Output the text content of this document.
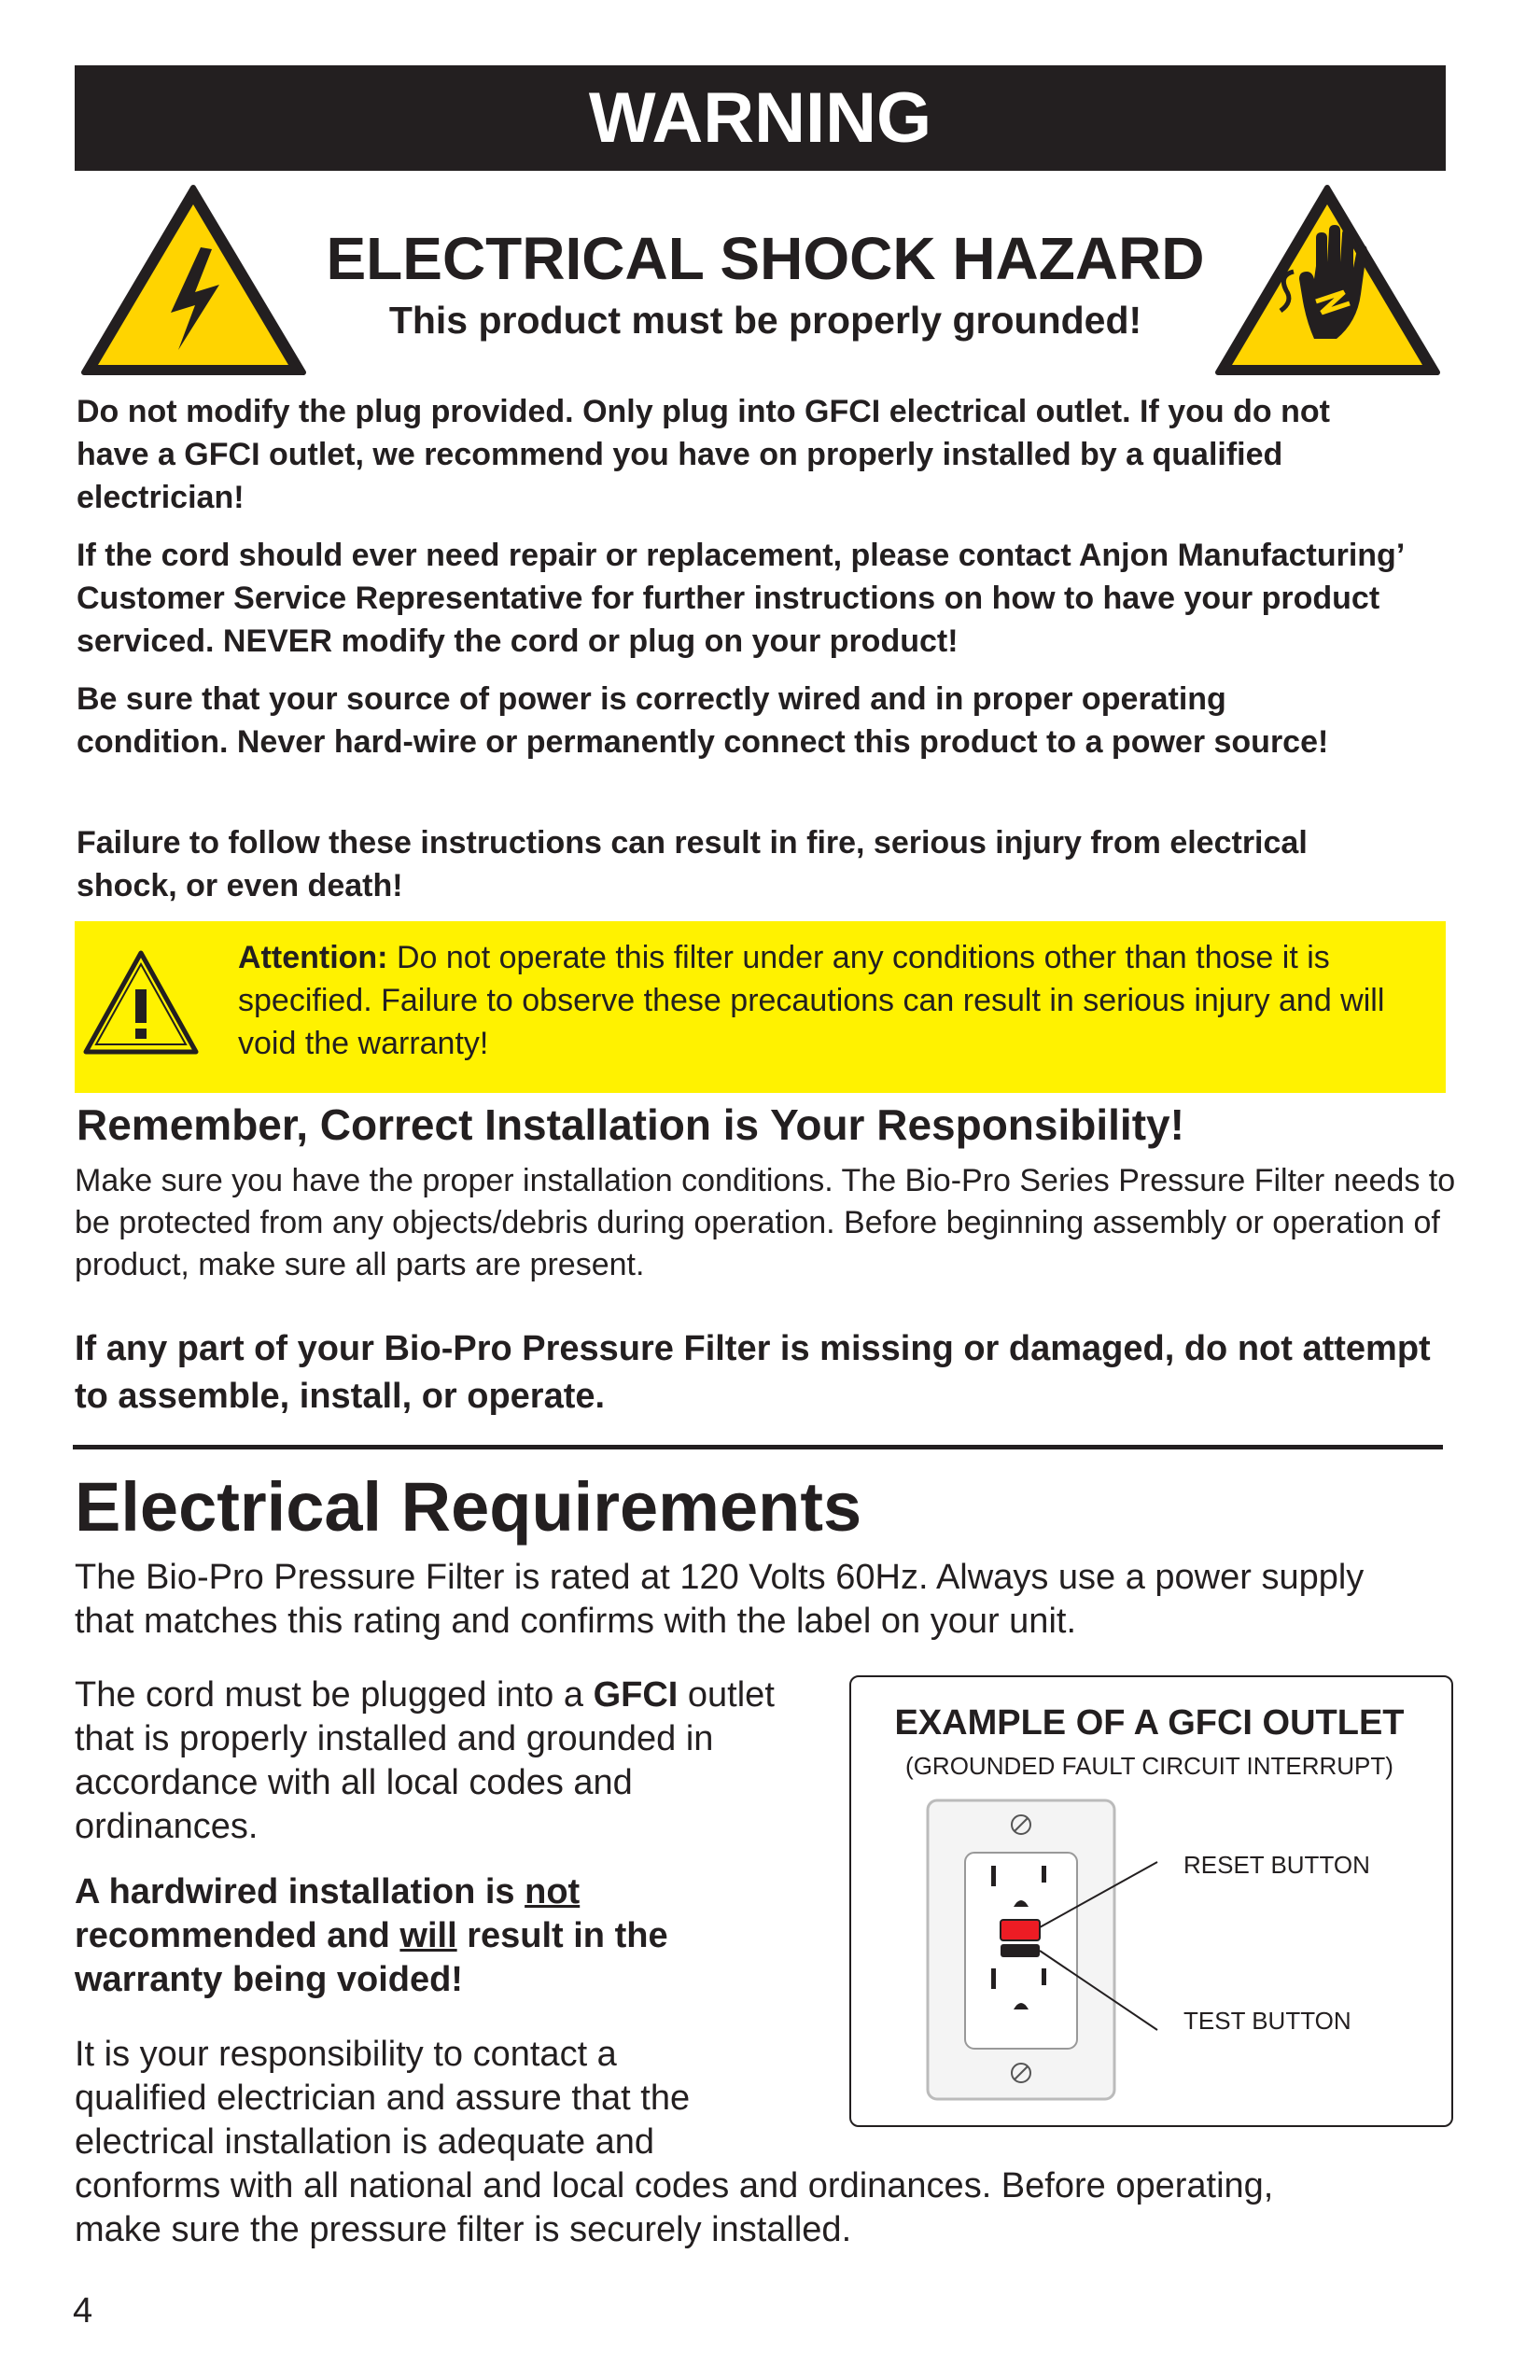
WARNING
ELECTRICAL SHOCK HAZARD
This product must be properly grounded!
Do not modify the plug provided. Only plug into GFCI electrical outlet. If you do not have a GFCI outlet, we recommend you have on properly installed by a qualified electrician!
If the cord should ever need repair or replacement, please contact Anjon Manufacturing’ Customer Service Representative for further instructions on how to have your product serviced. NEVER modify the cord or plug on your product!
Be sure that your source of power is correctly wired and in proper operating condition. Never hard-wire or permanently connect this product to a power source!
Failure to follow these instructions can result in fire, serious injury from electrical shock, or even death!
Attention: Do not operate this filter under any conditions other than those it is specified. Failure to observe these precautions can result in serious injury and will void the warranty!
Remember, Correct Installation is Your Responsibility!
Make sure you have the proper installation conditions. The Bio-Pro Series Pressure Filter needs to be protected from any objects/debris during operation. Before beginning assembly or operation of product, make sure all parts are present.
If any part of your Bio-Pro Pressure Filter is missing or damaged, do not attempt to assemble, install, or operate.
Electrical Requirements
The Bio-Pro Pressure Filter is rated at 120 Volts 60Hz. Always use a power supply that matches this rating and confirms with the label on your unit.
The cord must be plugged into a GFCI outlet that is properly installed and grounded in accordance with all local codes and ordinances.
A hardwired installation is not recommended and will result in the warranty being voided!
It is your responsibility to contact a
qualified electrician and assure that the
electrical installation is adequate and
conforms with all national and local codes and ordinances. Before operating,
make sure the pressure filter is securely installed.
EXAMPLE OF A GFCI OUTLET
(GROUNDED FAULT CIRCUIT INTERRUPT)
RESET BUTTON
TEST BUTTON
4
